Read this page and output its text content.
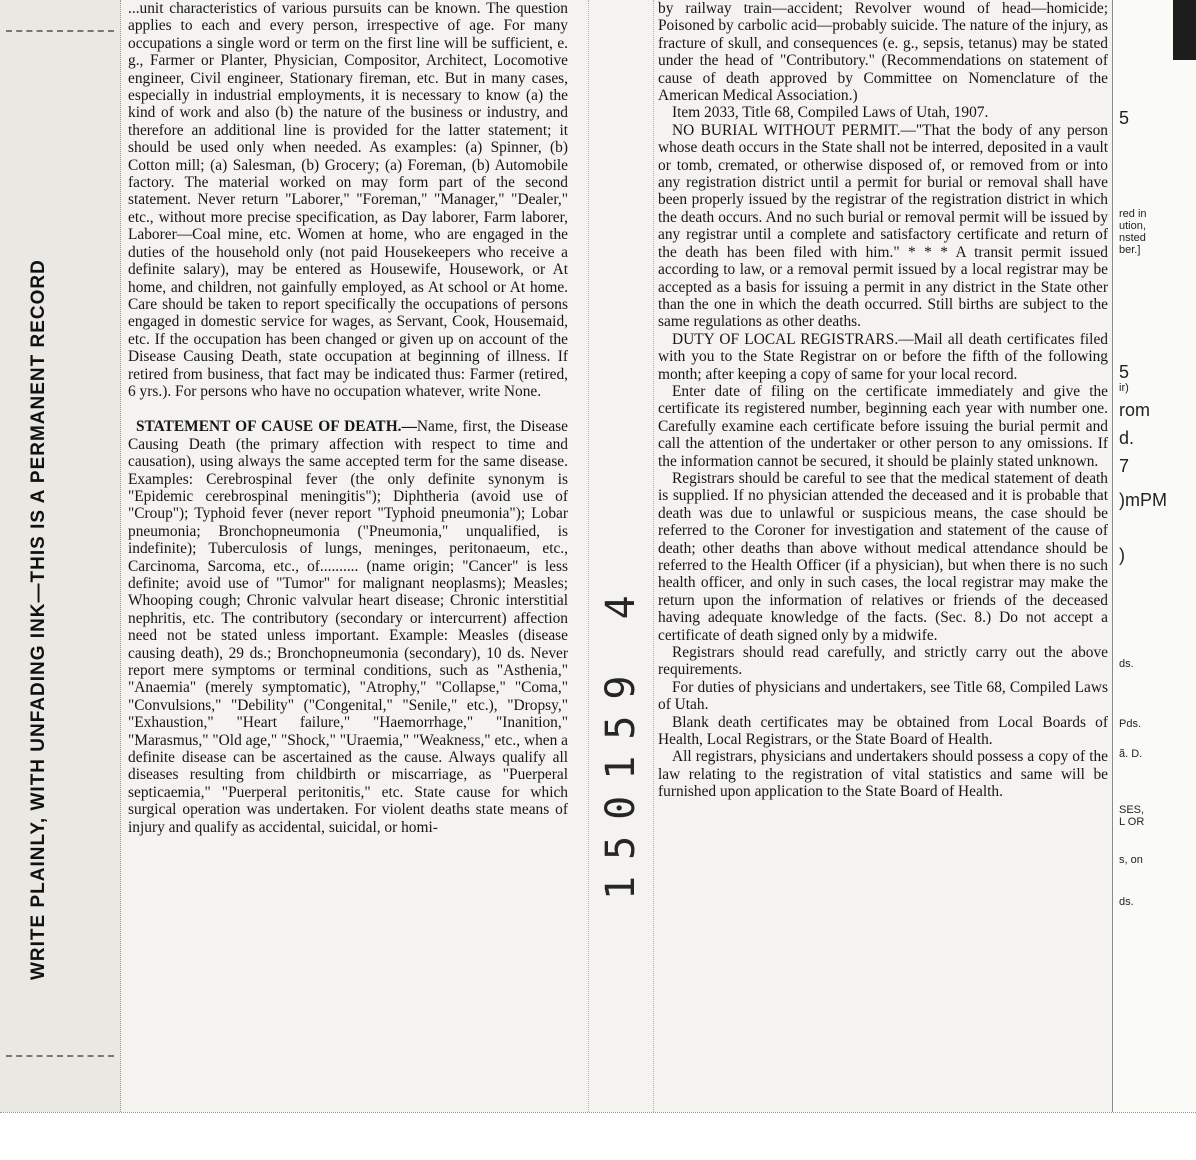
WRITE PLAINLY, WITH UNFADING INK—THIS IS A PERMANENT RECORD

...unit characteristics of various pursuits can be known. The question applies to each and every person, irrespective of age. For many occupations a single word or term on the first line will be sufficient, e. g., Farmer or Planter, Physician, Compositor, Architect, Locomotive engineer, Civil engineer, Stationary fireman, etc. But in many cases, especially in industrial employments, it is necessary to know (a) the kind of work and also (b) the nature of the business or industry, and therefore an additional line is provided for the latter statement; it should be used only when needed. As examples: (a) Spinner, (b) Cotton mill; (a) Salesman, (b) Grocery; (a) Foreman, (b) Automobile factory. The material worked on may form part of the second statement. Never return "Laborer," "Foreman," "Manager," "Dealer," etc., without more precise specification, as Day laborer, Farm laborer, Laborer—Coal mine, etc. Women at home, who are engaged in the duties of the household only (not paid Housekeepers who receive a definite salary), may be entered as Housewife, Housework, or At home, and children, not gainfully employed, as At school or At home. Care should be taken to report specifically the occupations of persons engaged in domestic service for wages, as Servant, Cook, Housemaid, etc. If the occupation has been changed or given up on account of the Disease Causing Death, state occupation at beginning of illness. If retired from business, that fact may be indicated thus: Farmer (retired, 6 yrs.). For persons who have no occupation whatever, write None.

STATEMENT OF CAUSE OF DEATH.—Name, first, the Disease Causing Death (the primary affection with respect to time and causation), using always the same accepted term for the same disease. Examples: Cerebrospinal fever (the only definite synonym is "Epidemic cerebrospinal meningitis"); Diphtheria (avoid use of "Croup"); Typhoid fever (never report "Typhoid pneumonia"); Lobar pneumonia; Bronchopneumonia ("Pneumonia," unqualified, is indefinite); Tuberculosis of lungs, meninges, peritonaeum, etc., Carcinoma, Sarcoma, etc., of.......... (name origin; "Cancer" is less definite; avoid use of "Tumor" for malignant neoplasms); Measles; Whooping cough; Chronic valvular heart disease; Chronic interstitial nephritis, etc. The contributory (secondary or intercurrent) affection need not be stated unless important. Example: Measles (disease causing death), 29 ds.; Bronchopneumonia (secondary), 10 ds. Never report mere symptoms or terminal conditions, such as "Asthenia," "Anaemia" (merely symptomatic), "Atrophy," "Collapse," "Coma," "Convulsions," "Debility" ("Congenital," "Senile," etc.), "Dropsy," "Exhaustion," "Heart failure," "Haemorrhage," "Inanition," "Marasmus," "Old age," "Shock," "Uraemia," "Weakness," etc., when a definite disease can be ascertained as the cause. Always qualify all diseases resulting from childbirth or miscarriage, as "Puerperal septicaemia," "Puerperal peritonitis," etc. State cause for which surgical operation was undertaken. For violent deaths state means of injury and qualify as accidental, suicidal, or homi-	150159 4

by railway train—accident; Revolver wound of head—homicide; Poisoned by carbolic acid—probably suicide. The nature of the injury, as fracture of skull, and consequences (e. g., sepsis, tetanus) may be stated under the head of "Contributory." (Recommendations on statement of cause of death approved by Committee on Nomenclature of the American Medical Association.)

Item 2033, Title 68, Compiled Laws of Utah, 1907.

NO BURIAL WITHOUT PERMIT.—"That the body of any person whose death occurs in the State shall not be interred, deposited in a vault or tomb, cremated, or otherwise disposed of, or removed from or into any registration district until a permit for burial or removal shall have been properly issued by the registrar of the registration district in which the death occurs. And no such burial or removal permit will be issued by any registrar until a complete and satisfactory certificate and return of the death has been filed with him." * * * A transit permit issued according to law, or a removal permit issued by a local registrar may be accepted as a basis for issuing a permit in any district in the State other than the one in which the death occurred. Still births are subject to the same regulations as other deaths.

DUTY OF LOCAL REGISTRARS.—Mail all death certificates filed with you to the State Registrar on or before the fifth of the following month; after keeping a copy of same for your local record.

Enter date of filing on the certificate immediately and give the certificate its registered number, beginning each year with number one. Carefully examine each certificate before issuing the burial permit and call the attention of the undertaker or other person to any omissions. If the information cannot be secured, it should be plainly stated unknown.

Registrars should be careful to see that the medical statement of death is supplied. If no physician attended the deceased and it is probable that death was due to unlawful or suspicious means, the case should be referred to the Coroner for investigation and statement of the cause of death; other deaths than above without medical attendance should be referred to the Health Officer (if a physician), but when there is no such health officer, and only in such cases, the local registrar may make the return upon the information of relatives or friends of the deceased having adequate knowledge of the facts. (Sec. 8.) Do not accept a certificate of death signed only by a midwife.

Registrars should read carefully, and strictly carry out the above requirements.

For duties of physicians and undertakers, see Title 68, Compiled Laws of Utah.

Blank death certificates may be obtained from Local Boards of Health, Local Registrars, or the State Board of Health.

All registrars, physicians and undertakers should possess a copy of the law relating to the registration of vital statistics and same will be furnished upon application to the State Board of Health.

5
red in
ution,
nsted
ber.]
5
ir)
rom
d.
7
)mPM
)
ds.
Pds.
ã. D.
SES,
L OR
s, on
ds.
